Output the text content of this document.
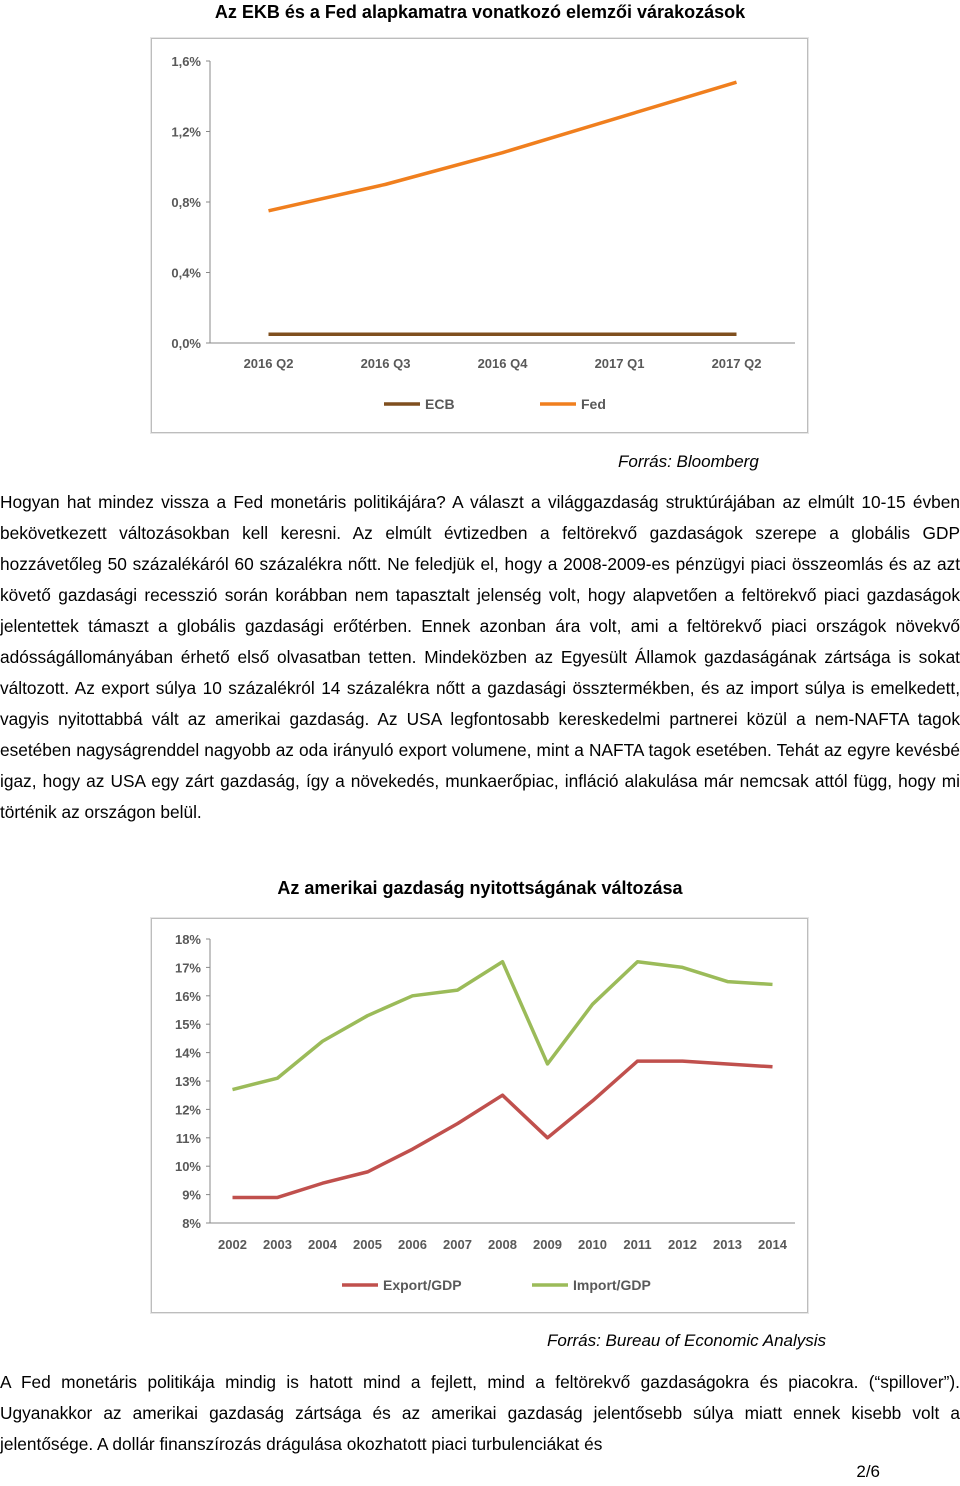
Az EKB és a Fed alapkamatra vonatkozó elemzői várakozások
1,6%
1,2%
0,8%
0,4%
0,0%
2016 Q2	2016 Q3	2016 Q4	2017 Q1	2017 Q2
ECB	Fed
Forrás: Bloomberg
Hogyan hat mindez vissza a Fed monetáris politikájára? A választ a világgazdaság struktúrájában az elmúlt 10-15 évben bekövetkezett változásokban kell keresni. Az elmúlt évtizedben a feltörekvő gazdaságok szerepe a globális GDP hozzávetőleg 50 százalékáról 60 százalékra nőtt. Ne feledjük el, hogy a 2008-2009-es pénzügyi piaci összeomlás és az azt követő gazdasági recesszió során korábban nem tapasztalt jelenség volt, hogy alapvetően a feltörekvő piaci gazdaságok jelentettek támaszt a globális gazdasági erőtérben. Ennek azonban ára volt, ami a feltörekvő piaci országok növekvő adósságállományában érhető első olvasatban tetten. Mindeközben az Egyesült Államok gazdaságának zártsága is sokat változott. Az export súlya 10 százalékról 14 százalékra nőtt a gazdasági össztermékben, és az import súlya is emelkedett, vagyis nyitottabbá vált az amerikai gazdaság. Az USA legfontosabb kereskedelmi partnerei közül a nem-NAFTA tagok esetében nagyságrenddel nagyobb az oda irányuló export volumene, mint a NAFTA tagok esetében. Tehát az egyre kevésbé igaz, hogy az USA egy zárt gazdaság, így a növekedés, munkaerőpiac, infláció alakulása már nemcsak attól függ, hogy mi történik az országon belül.
Az amerikai gazdaság nyitottságának változása
18%
17%
16%
15%
14%
13%
12%
11%
10%
9%
8%
2002 2003 2004 2005 2006 2007 2008 2009 2010 2011 2012 2013 2014
Export/GDP	Import/GDP
Forrás: Bureau of Economic Analysis
A Fed monetáris politikája mindig is hatott mind a fejlett, mind a feltörekvő gazdaságokra és piacokra. (“spillover”). Ugyanakkor az amerikai gazdaság zártsága és az amerikai gazdaság jelentősebb súlya miatt ennek kisebb volt a jelentősége. A dollár finanszírozás drágulása okozhatott piaci turbulenciákat és
2/6
